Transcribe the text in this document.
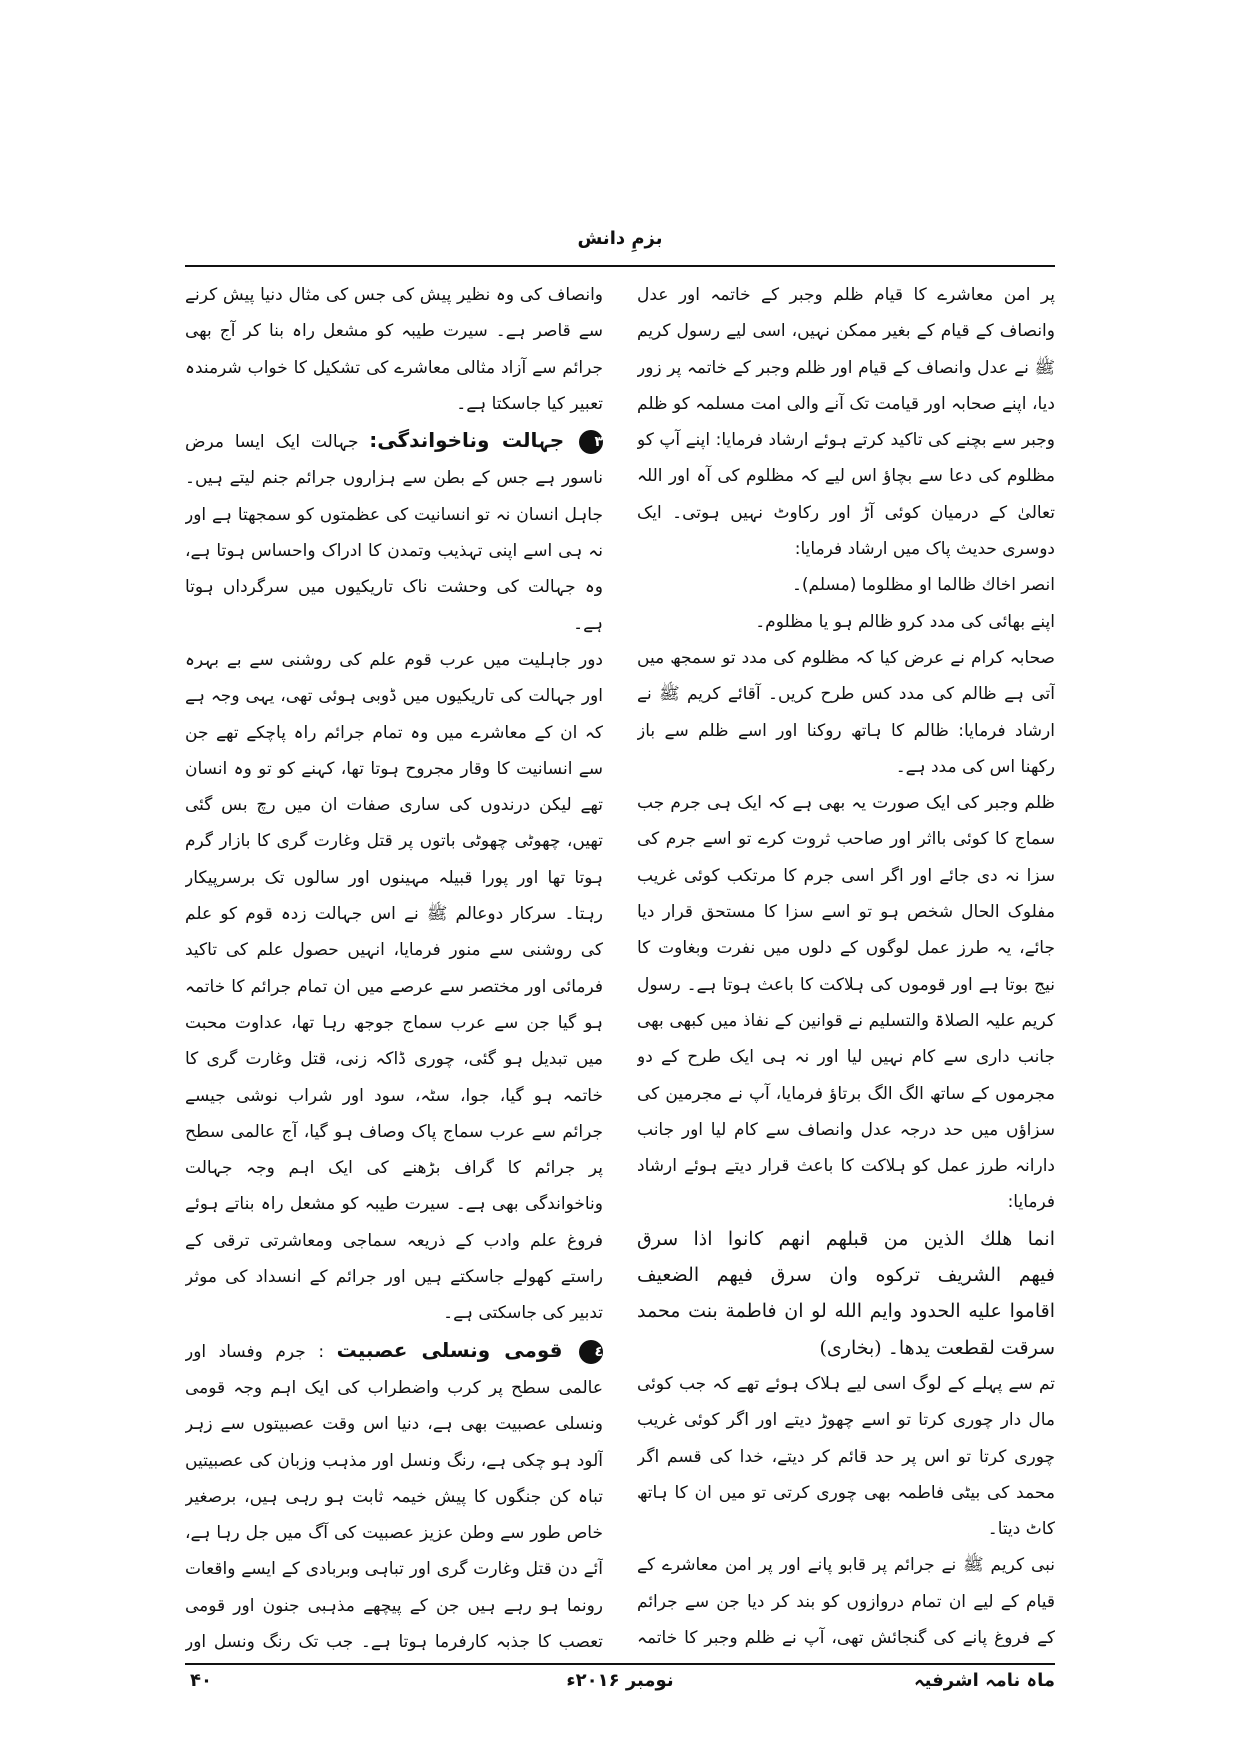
بزمِ دانش

پر امن معاشرے کا قیام ظلم وجبر کے خاتمہ اور عدل وانصاف کے قیام کے بغیر ممکن نہیں، اسی لیے رسول کریم ﷺ نے عدل وانصاف کے قیام اور ظلم وجبر کے خاتمہ پر زور دیا، اپنے صحابہ اور قیامت تک آنے والی امت مسلمہ کو ظلم وجبر سے بچنے کی تاکید کرتے ہوئے ارشاد فرمایا: اپنے آپ کو مظلوم کی دعا سے بچاؤ اس لیے کہ مظلوم کی آہ اور اللہ تعالیٰ کے درمیان کوئی آڑ اور رکاوٹ نہیں ہوتی۔ ایک دوسری حدیث پاک میں ارشاد فرمایا:

انصر اخاك ظالما او مظلوما (مسلم)۔

اپنے بھائی کی مدد کرو ظالم ہو یا مظلوم۔

صحابہ کرام نے عرض کیا کہ مظلوم کی مدد تو سمجھ میں آتی ہے ظالم کی مدد کس طرح کریں۔ آقائے کریم ﷺ نے ارشاد فرمایا: ظالم کا ہاتھ روکنا اور اسے ظلم سے باز رکھنا اس کی مدد ہے۔

ظلم وجبر کی ایک صورت یہ بھی ہے کہ ایک ہی جرم جب سماج کا کوئی بااثر اور صاحب ثروت کرے تو اسے جرم کی سزا نہ دی جائے اور اگر اسی جرم کا مرتکب کوئی غریب مفلوک الحال شخص ہو تو اسے سزا کا مستحق قرار دیا جائے، یہ طرز عمل لوگوں کے دلوں میں نفرت وبغاوت کا نیج بوتا ہے اور قوموں کی ہلاکت کا باعث ہوتا ہے۔ رسول کریم علیہ الصلاۃ والتسلیم نے قوانین کے نفاذ میں کبھی بھی جانب داری سے کام نہیں لیا اور نہ ہی ایک طرح کے دو مجرموں کے ساتھ الگ الگ برتاؤ فرمایا، آپ نے مجرمین کی سزاؤں میں حد درجہ عدل وانصاف سے کام لیا اور جانب دارانہ طرز عمل کو ہلاکت کا باعث قرار دیتے ہوئے ارشاد فرمایا:

انما هلك الذين من قبلهم انهم كانوا اذا سرق

فيهم الشريف تركوه وان سرق فيهم الضعيف

اقاموا عليه الحدود وايم الله لو ان فاطمة بنت محمد

سرقت لقطعت يدها۔ (بخاری)

تم سے پہلے کے لوگ اسی لیے ہلاک ہوئے تھے کہ جب کوئی مال دار چوری کرتا تو اسے چھوڑ دیتے اور اگر کوئی غریب چوری کرتا تو اس پر حد قائم کر دیتے، خدا کی قسم اگر محمد کی بیٹی فاطمہ بھی چوری کرتی تو میں ان کا ہاتھ کاٹ دیتا۔

نبی کریم ﷺ نے جرائم پر قابو پانے اور پر امن معاشرے کے قیام کے لیے ان تمام دروازوں کو بند کر دیا جن سے جرائم کے فروغ پانے کی گنجائش تھی، آپ نے ظلم وجبر کا خاتمہ

وانصاف کی وہ نظیر پیش کی جس کی مثال دنیا پیش کرنے سے قاصر ہے۔ سیرت طیبہ کو مشعل راہ بنا کر آج بھی جرائم سے آزاد مثالی معاشرے کی تشکیل کا خواب شرمندہ تعبیر کیا جاسکتا ہے۔

٣ جہالت وناخواندگی: جہالت ایک ایسا مرض ناسور ہے جس کے بطن سے ہزاروں جرائم جنم لیتے ہیں۔ جاہل انسان نہ تو انسانیت کی عظمتوں کو سمجھتا ہے اور نہ ہی اسے اپنی تہذیب وتمدن کا ادراک واحساس ہوتا ہے، وہ جہالت کی وحشت ناک تاریکیوں میں سرگرداں ہوتا ہے۔

دور جاہلیت میں عرب قوم علم کی روشنی سے بے بہرہ اور جہالت کی تاریکیوں میں ڈوبی ہوئی تھی، یہی وجہ ہے کہ ان کے معاشرے میں وہ تمام جرائم راہ پاچکے تھے جن سے انسانیت کا وقار مجروح ہوتا تھا، کہنے کو تو وہ انسان تھے لیکن درندوں کی ساری صفات ان میں رچ بس گئی تھیں، چھوٹی چھوٹی باتوں پر قتل وغارت گری کا بازار گرم ہوتا تھا اور پورا قبیلہ مہینوں اور سالوں تک برسرپیکار رہتا۔ سرکار دوعالم ﷺ نے اس جہالت زدہ قوم کو علم کی روشنی سے منور فرمایا، انہیں حصول علم کی تاکید فرمائی اور مختصر سے عرصے میں ان تمام جرائم کا خاتمہ ہو گیا جن سے عرب سماج جوجھ رہا تھا، عداوت محبت میں تبدیل ہو گئی، چوری ڈاکہ زنی، قتل وغارت گری کا خاتمہ ہو گیا، جوا، سٹہ، سود اور شراب نوشی جیسے جرائم سے عرب سماج پاک وصاف ہو گیا، آج عالمی سطح پر جرائم کا گراف بڑھنے کی ایک اہم وجہ جہالت وناخواندگی بھی ہے۔ سیرت طیبہ کو مشعل راہ بناتے ہوئے فروغ علم وادب کے ذریعہ سماجی ومعاشرتی ترقی کے راستے کھولے جاسکتے ہیں اور جرائم کے انسداد کی موثر تدبیر کی جاسکتی ہے۔

٤ قومی ونسلی عصبیت : جرم وفساد اور عالمی سطح پر کرب واضطراب کی ایک اہم وجہ قومی ونسلی عصبیت بھی ہے، دنیا اس وقت عصبیتوں سے زہر آلود ہو چکی ہے، رنگ ونسل اور مذہب وزبان کی عصبیتیں تباہ کن جنگوں کا پیش خیمہ ثابت ہو رہی ہیں، برصغیر خاص طور سے وطن عزیز عصبیت کی آگ میں جل رہا ہے، آئے دن قتل وغارت گری اور تباہی وبربادی کے ایسے واقعات رونما ہو رہے ہیں جن کے پیچھے مذہبی جنون اور قومی تعصب کا جذبہ کارفرما ہوتا ہے۔ جب تک رنگ ونسل اور

ماہ نامہ اشرفیہ
نومبر ۲۰۱۶ء
۴۰
